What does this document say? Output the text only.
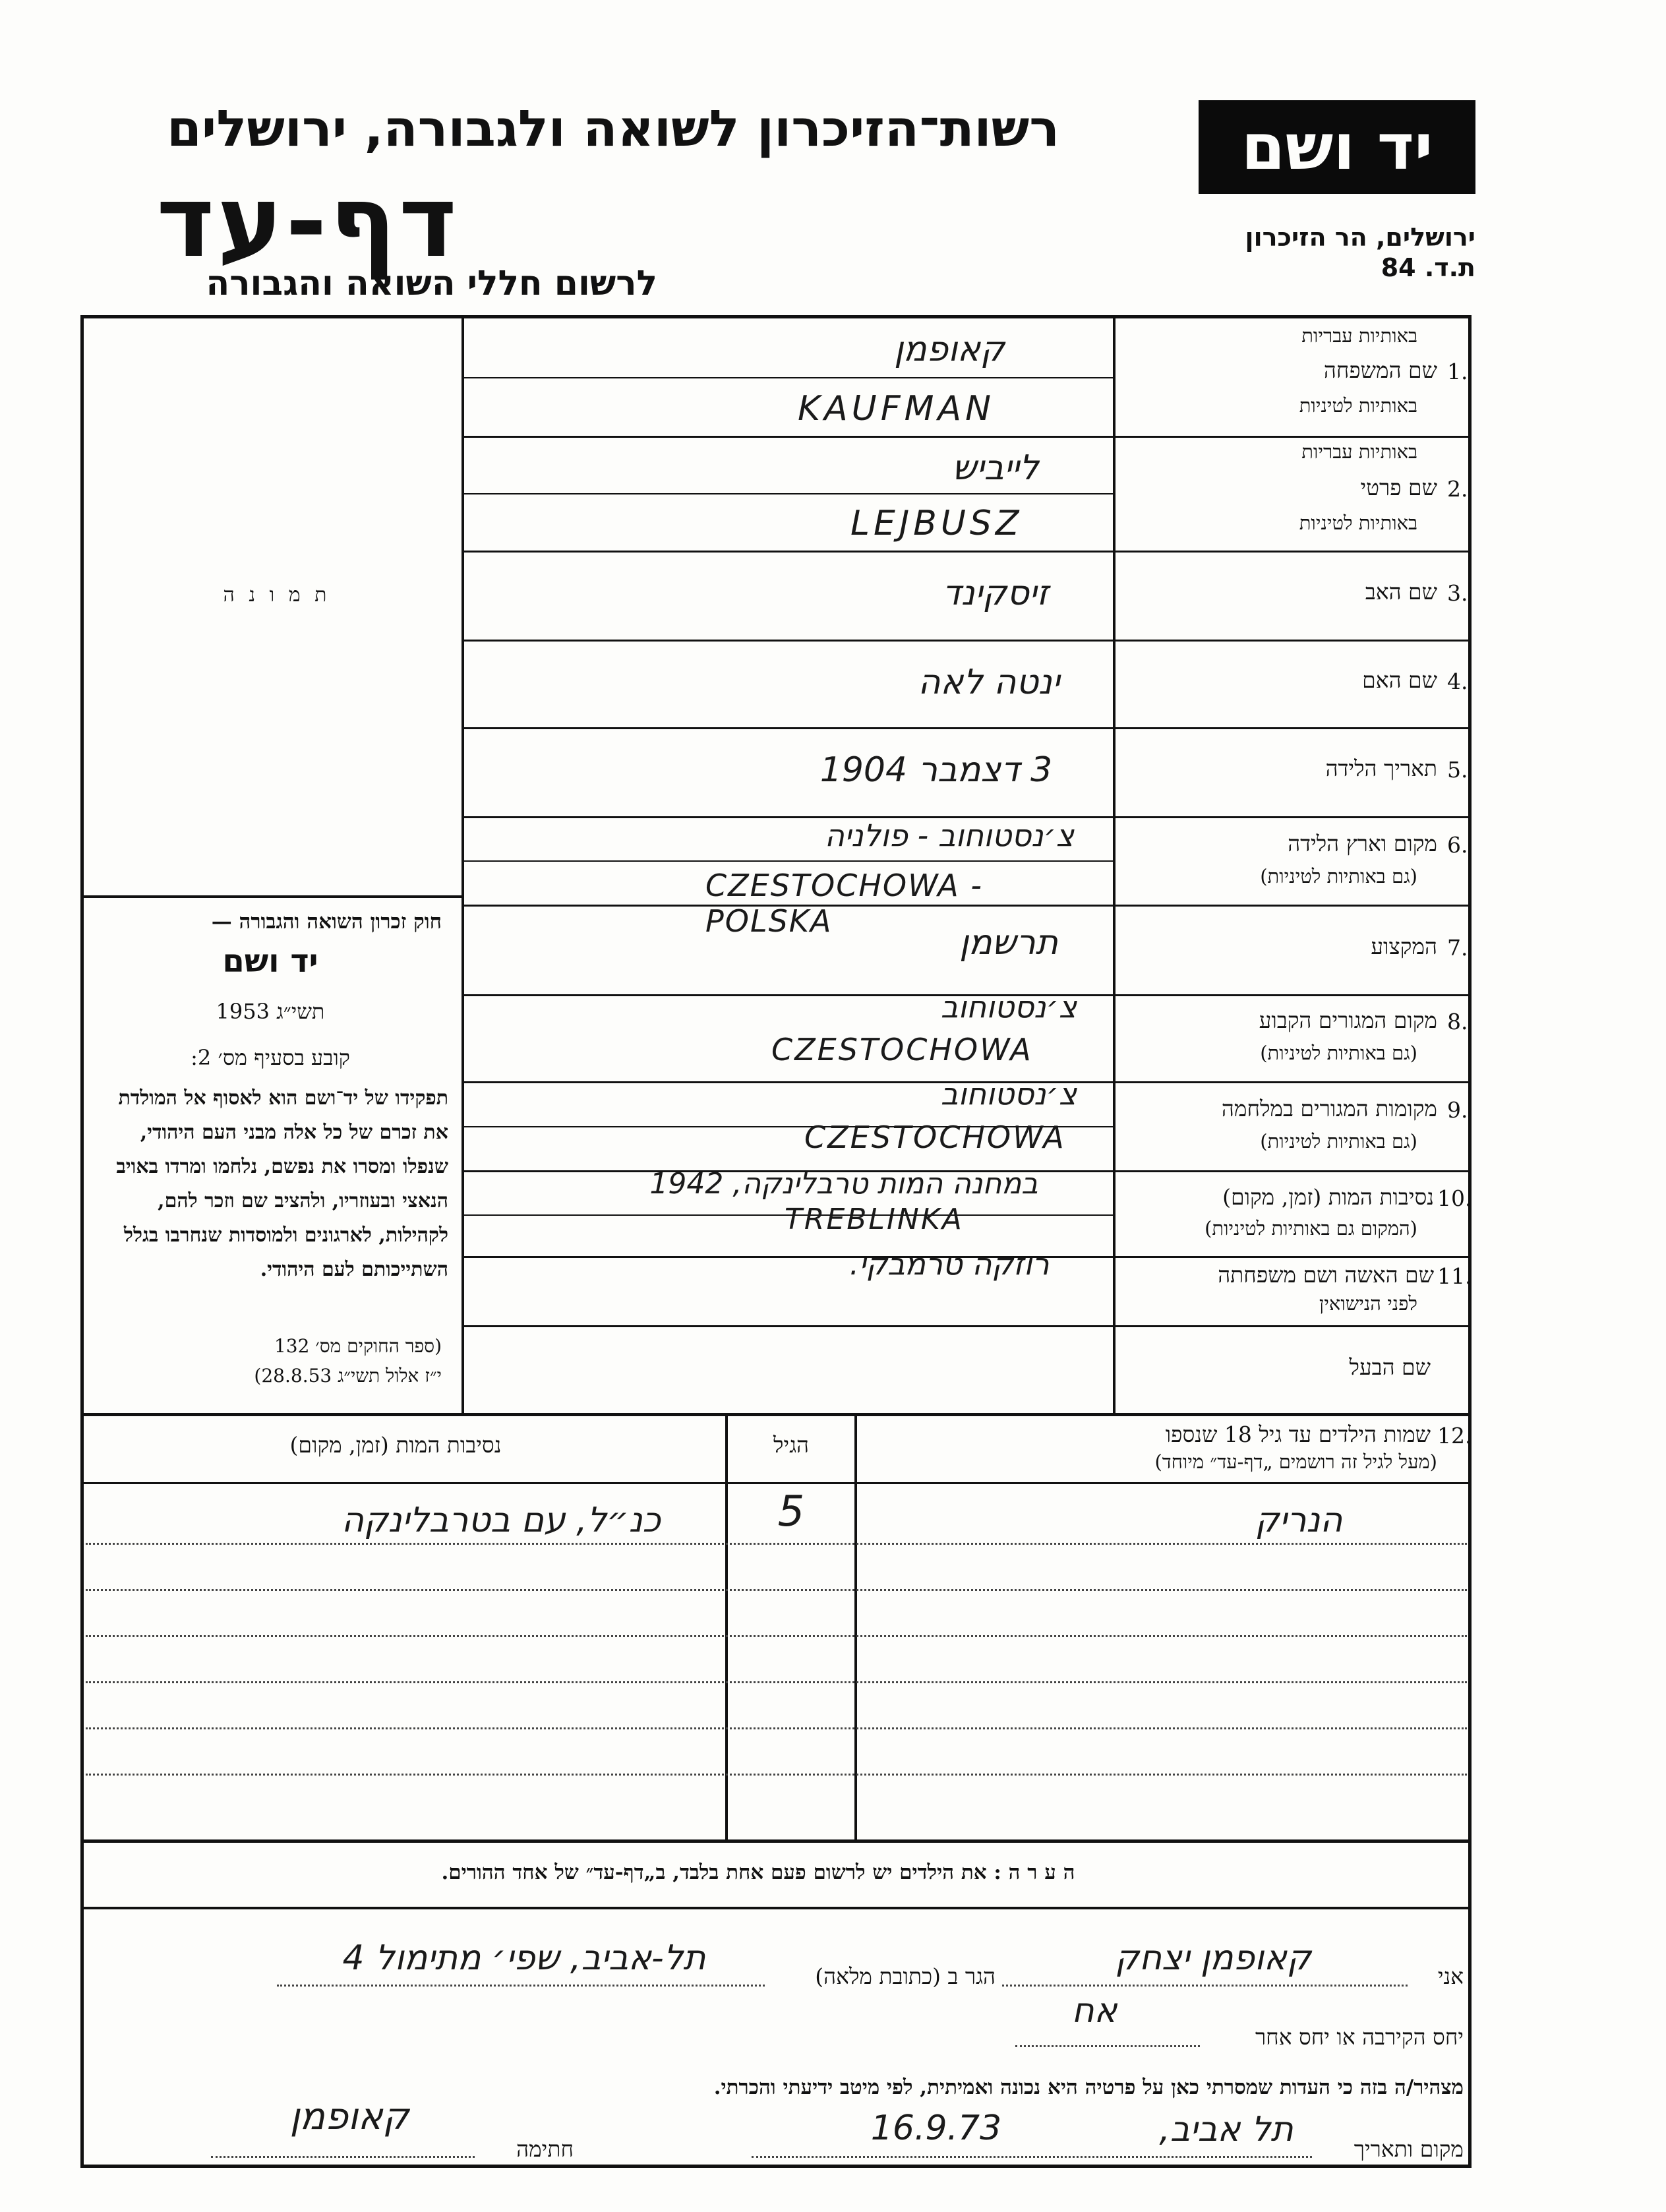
רשות־הזיכרון לשואה ולגבורה, ירושלים
דף-עד
לרשום חללי השואה והגבורה
יד ושם
ירושלים, הר הזיכרון
ת.ד. 84
ת מ ו נ ה
חוק זכרון השואה והגבורה —
יד ושם
תשי״ג 1953
קובע בסעיף מס׳ 2:
תפקידו של יד־ושם הוא לאסוף אל המולדת את זכרם של כל אלה מבני העם היהודי, שנפלו ומסרו את נפשם, נלחמו ומרדו באויב הנאצי ובעוזריו, ולהציב שם וזכר להם, לקהילות, לארגונים ולמוסדות שנחרבו בגלל השתייכותם לעם היהודי.
(ספר החוקים מס׳ 132
י״ז אלול תשי״ג 28.8.53)
באותיות עבריות
1.
שם המשפחה
באותיות לטיניות
באותיות עבריות
2.
שם פרטי
באותיות לטיניות
3.
שם האב
4.
שם האם
5.
תאריך הלידה
6.
מקום וארץ הלידה
(גם באותיות לטיניות)
7.
המקצוע
8.
מקום המגורים הקבוע
(גם באותיות לטיניות)
9.
מקומות המגורים במלחמה
(גם באותיות לטיניות)
10.
נסיבות המות (זמן, מקום)
(המקום גם באותיות לטיניות)
11.
שם האשה ושם משפחתה
לפני הנישואין
שם הבעל
קאופמן
KAUFMAN
לייביש
LEJBUSZ
זיסקינד
ינטה לאה
3 דצמבר 1904
צ׳נסטוחוב - פולניה
CZESTOCHOWA - POLSKA
תרשמן
צ׳נסטוחוב
CZESTOCHOWA
צ׳נסטוחוב
CZESTOCHOWA
במחנה המות טרבלינקה, 1942
TREBLINKA
רוזקה טרמבקי.
12.
שמות הילדים עד גיל 18 שנספו
(מעל לגיל זה רושמים „דף-עד״ מיוחד)
הגיל
נסיבות המות (זמן, מקום)
הנריק
5
כנ״ל, עם בטרבלינקה
ה ע ר ה : את הילדים יש לרשום פעם אחת בלבד, ב„דף-עד״ של אחד ההורים.
אני
קאופמן יצחק
הגר ב (כתובת מלאה)
תל-אביב, שפי׳ מתימול 4
יחס הקירבה או יחס אחר
אח
מצהיר/ה בזה כי העדות שמסרתי כאן על פרטיה היא נכונה ואמיתית, לפי מיטב ידיעתי והכרתי.
מקום ותאריך
תל אביב,
16.9.73
חתימה
קאופמן
